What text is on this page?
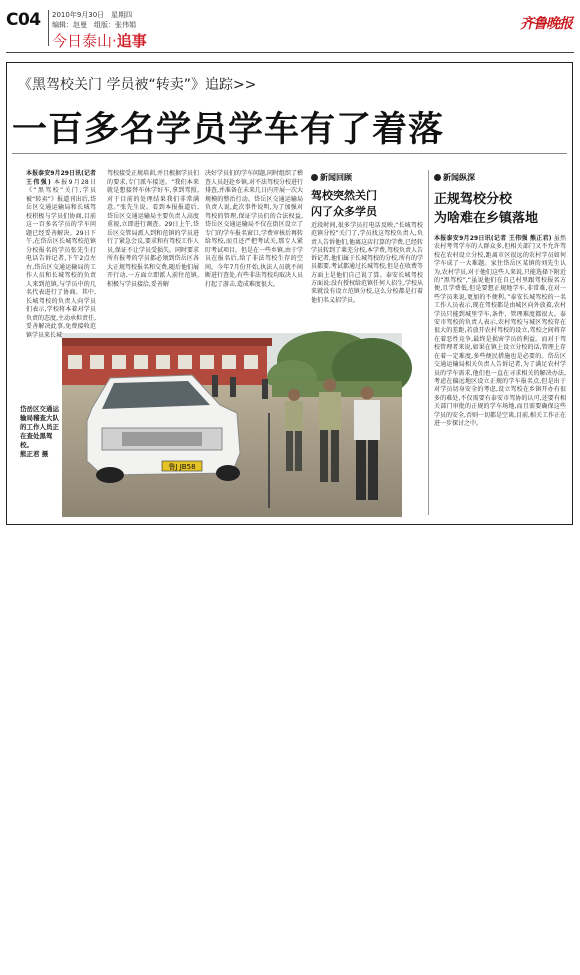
C04 2010年9月30日　星期四
编辑：赵曼　组版：张伟娟
今日泰山·追事
齐鲁晚报
《黑驾校关门 学员被“转卖”》追踪>>
一百多名学员学车有了着落
本报泰安9月29日讯(记者 王伟强) 本报9月28日《“黑驾校”关门,学员被“转卖”》报道刊出后,岱岳区交通运输局和长城驾校积极与学员们协商,目前这一百多名学员的学车问题已经妥善解决。29日下午,在岱岳区长城驾校范镇分校报名的学员张先生打电话告诉记者,下午2点左右,岱岳区交通运输局的工作人员和长城驾校的负责人来到范镇,与学员中的几名代表进行了协商。其中,长城驾校的负责人向学员们表示,学校将本着对学员负责的态度,主动承担责任,妥善解决此事,免费接收范镇学员来长城
驾校接受正规培训,并且根据学员们的要求,专门派车接送。“我们本来就是想接替车休学好车,拿到驾照,对于目前的处理结果我们非常满意。”张先生说。看到本报报道后,岱岳区交通运输局主要负责人高度重视,立即进行调查。29日上午,岱岳区交管局派人到和范镇的学员进行了紧急会议,要求和有驾校工作人员,保证不让学员受损失。同时要求所有报考的学员都必须到岱岳区各大正规驾校报名和交费,随后他们展开行动,一方面立即派人前往范镇,积极与学员接洽,妥善解
决好学员们的学车问题,同时组织了稽查人员赶赴乡镇,对不法驾校分校进行排查,并准备在未来几日内开展一次大规模的整治行动。岱岳区交通运输局负责人说,此次事件说明,为了加强对驾校的管理,保证学员们的合法权益,岱岳区交通运输局不仅在街区设立了专门的学车报名窗口,学费审核后再转给驾校,而且还严把考试关,那专人紧盯考试项目。但是在一些乡镇,由于学员在报名后,给了非法驾校生存的空间。今年7月份开始,执法人员就不间断进行查处,有些非法驾校均取决人员打起了游击,造成难度很大。
新闻回顾
驾校突然关门
闪了众多学员
近段时间,很多学员打电话反映,“长城驾校范镇分校”关门了,学员找这驾校负责人,负责人告诉他们,他离这店打算的学费,已经转学员转到了莱芜分校,本学费,驾校负责人告诉记者,他们属于长城驾校的分校,所有的学员都要,考试都通过长城驾校,但是在收费等方面上是他们自己说了算。泰安长城驾校方面说:没有授权给范镇任何人招生,学校从来就没有设立范镇分校,这么分校都是打着他们名义招学员。
新闻纵深
正规驾校分校
为啥难在乡镇落地
本报泰安9月29日讯(记者 王伟强 熊正君) 虽然农村考驾学车的人群众多,但相关部门又不允许驾校在农村设立分校,距离市区很远的农村学员如何学车成了一大难题。家住岱岳区某镇的刘先生认为,农村学员,对于他们这些人来说,只能选择下附近的“黑驾校”,“虽说他们在自己村里跟驾校报名方便,且学费低,但是要想正规地学车,非常难,在对一些学员来说,更加的不便利。”泰安长城驾校的一名工作人员表示,现在驾校都是由城区向外放着,农村学员只能到城里学车,条件、管理难度都很大。泰安市驾校的负责人表示,农村驾校与城区驾校存在很大的差距,若放开农村驾校的设立,驾校之间将存在着恶性竞争,最终是损害学员的利益。而对于驾校管理者来说,如果在镇上设立分校的话,管理上存在着一定难度,多些便民措施也是必要的。岱岳区交通运输局相关负责人告诉记者,为了满足农村学员的学车需求,他们也一直在寻求相关的解决办法,考虑在偏远地区设立正规的学车报名点,但是出于对学员切身安全的考虑,设立驾校在乡镇开办有很多的难处,不仅需要有泰安市驾协的认可,还要有相关部门审批的正规的学车场地,而且需要确保这些学员的安全,否则一切都是空谈,目前,相关工作正在进一步探讨之中。
岱岳区交通运输局稽查大队的工作人员正在查处黑驾校。
熊正君 摄
鲁J JB58
